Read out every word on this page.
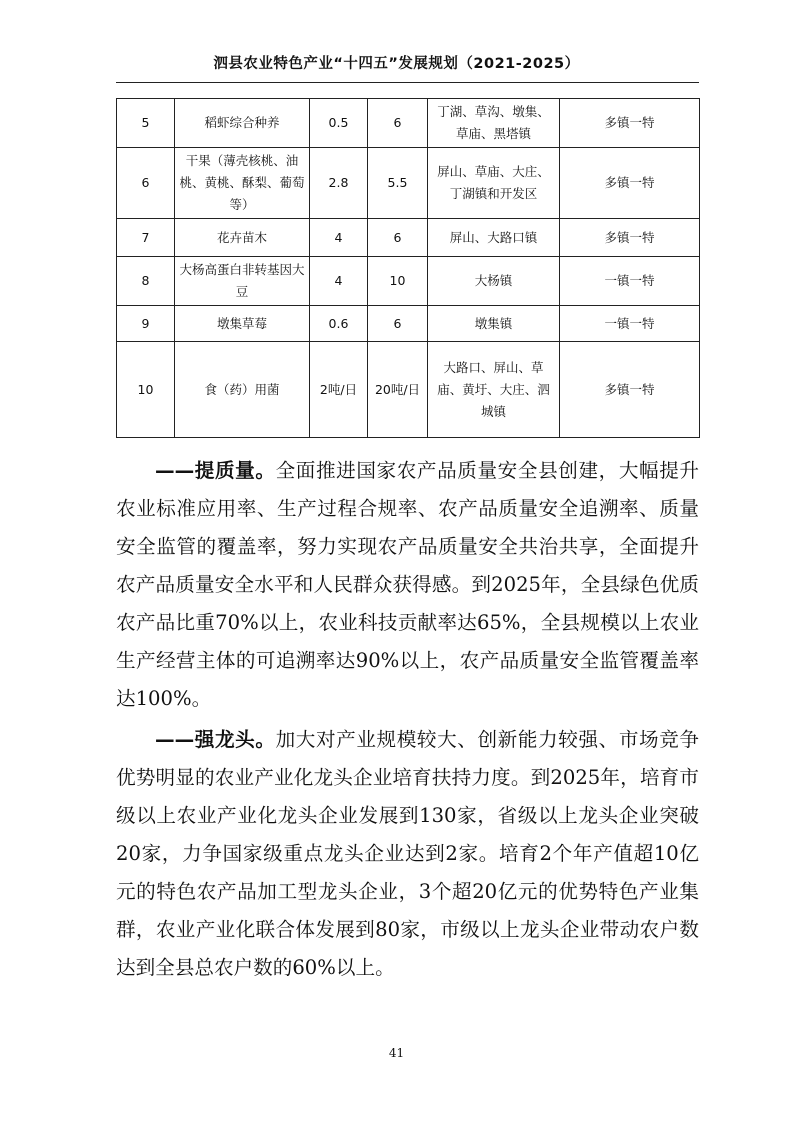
泗县农业特色产业“十四五”发展规划（2021-2025）
5	稻虾综合种养	0.5	6	丁湖、草沟、墩集、草庙、黑塔镇	多镇一特
6	干果（薄壳核桃、油桃、黄桃、酥梨、葡萄等）	2.8	5.5	屏山、草庙、大庄、丁湖镇和开发区	多镇一特
7	花卉苗木	4	6	屏山、大路口镇	多镇一特
8	大杨高蛋白非转基因大豆	4	10	大杨镇	一镇一特
9	墩集草莓	0.6	6	墩集镇	一镇一特
10	食（药）用菌	2吨/日	20吨/日	大路口、屏山、草庙、黄圩、大庄、泗城镇	多镇一特

——提质量。全面推进国家农产品质量安全县创建，大幅提升农业标准应用率、生产过程合规率、农产品质量安全追溯率、质量安全监管的覆盖率，努力实现农产品质量安全共治共享，全面提升农产品质量安全水平和人民群众获得感。到2025年，全县绿色优质农产品比重70%以上，农业科技贡献率达65%，全县规模以上农业生产经营主体的可追溯率达90%以上，农产品质量安全监管覆盖率达100%。

——强龙头。加大对产业规模较大、创新能力较强、市场竞争优势明显的农业产业化龙头企业培育扶持力度。到2025年，培育市级以上农业产业化龙头企业发展到130家，省级以上龙头企业突破20家，力争国家级重点龙头企业达到2家。培育2个年产值超10亿元的特色农产品加工型龙头企业，3个超20亿元的优势特色产业集群，农业产业化联合体发展到80家，市级以上龙头企业带动农户数达到全县总农户数的60%以上。

41
